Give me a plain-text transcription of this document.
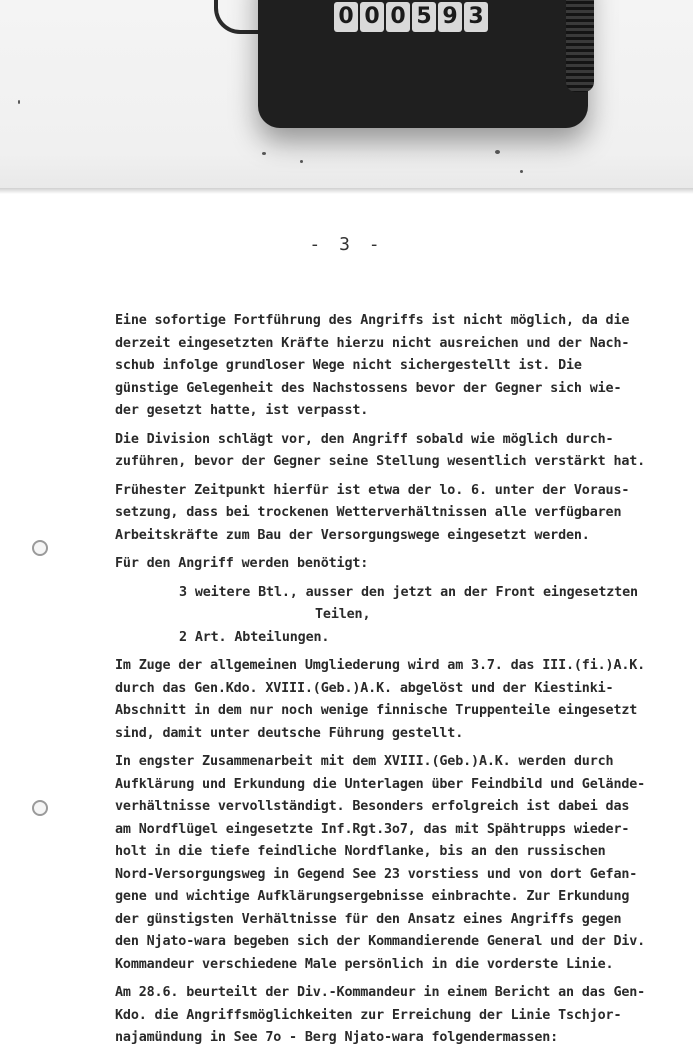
0 0 0 5 9 3
- 3 -
Eine sofortige Fortführung des Angriffs ist nicht möglich, da die
derzeit eingesetzten Kräfte hierzu nicht ausreichen und der Nach-
schub infolge grundloser Wege nicht sichergestellt ist. Die
günstige Gelegenheit des Nachstossens bevor der Gegner sich wie-
der gesetzt hatte, ist verpasst.
Die Division schlägt vor, den Angriff sobald wie möglich durch-
zuführen, bevor der Gegner seine Stellung wesentlich verstärkt hat.
Frühester Zeitpunkt hierfür ist etwa der lo. 6. unter der Voraus-
setzung, dass bei trockenen Wetterverhältnissen alle verfügbaren
Arbeitskräfte zum Bau der Versorgungswege eingesetzt werden.
Für den Angriff werden benötigt:
3 weitere Btl., ausser den jetzt an der Front eingesetzten
Teilen,
2 Art. Abteilungen.
Im Zuge der allgemeinen Umgliederung wird am 3.7. das III.(fi.)A.K.
durch das Gen.Kdo. XVIII.(Geb.)A.K. abgelöst und der Kiestinki-
Abschnitt in dem nur noch wenige finnische Truppenteile eingesetzt
sind, damit unter deutsche Führung gestellt.
In engster Zusammenarbeit mit dem XVIII.(Geb.)A.K. werden durch
Aufklärung und Erkundung die Unterlagen über Feindbild und Gelände-
verhältnisse vervollständigt. Besonders erfolgreich ist dabei das
am Nordflügel eingesetzte Inf.Rgt.3o7, das mit Spähtrupps wieder-
holt in die tiefe feindliche Nordflanke, bis an den russischen
Nord-Versorgungsweg in Gegend See 23 vorstiess und von dort Gefan-
gene und wichtige Aufklärungsergebnisse einbrachte. Zur Erkundung
der günstigsten Verhältnisse für den Ansatz eines Angriffs gegen
den Njato-wara begeben sich der Kommandierende General und der Div.
Kommandeur verschiedene Male persönlich in die vorderste Linie.
Am 28.6. beurteilt der Div.-Kommandeur in einem Bericht an das Gen-
Kdo. die Angriffsmöglichkeiten zur Erreichung der Linie Tschjor-
najamündung in See 7o - Berg Njato-wara folgendermassen:
